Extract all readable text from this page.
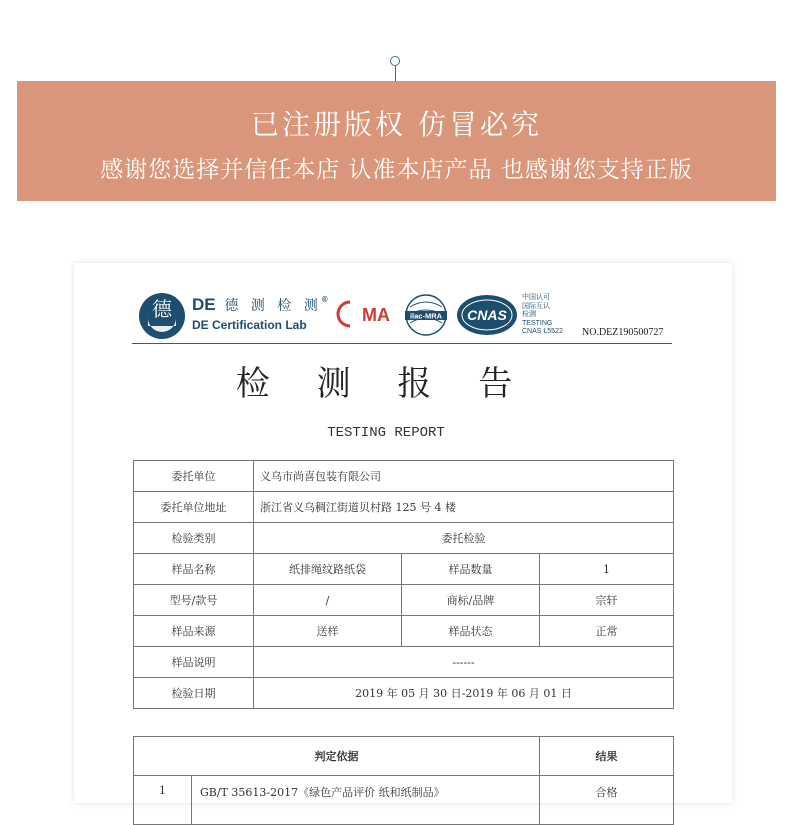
已注册版权 仿冒必究
感谢您选择并信任本店 认准本店产品 也感谢您支持正版
德 DE 德 测 检 测®
DE Certification Lab	MA	ilac-MRA CNAS
中国认可
国际互认
检测
TESTING
CNAS L5522 NO.DEZ190500727
检 测 报 告
TESTING REPORT
委托单位	义乌市尚喜包装有限公司		
委托单位地址	浙江省义乌稠江街道贝村路 125 号 4 楼		
检验类别	委托检验		
样品名称	纸排绳纹路纸袋	样品数量	1
型号/款号	/	商标/品牌	宗轩
样品来源	送样	样品状态	正常
样品说明	------		
检验日期	2019 年 05 月 30 日-2019 年 06 月 01 日		
判定依据		结果
1	GB/T 35613-2017《绿色产品评价 纸和纸制品》	合格
